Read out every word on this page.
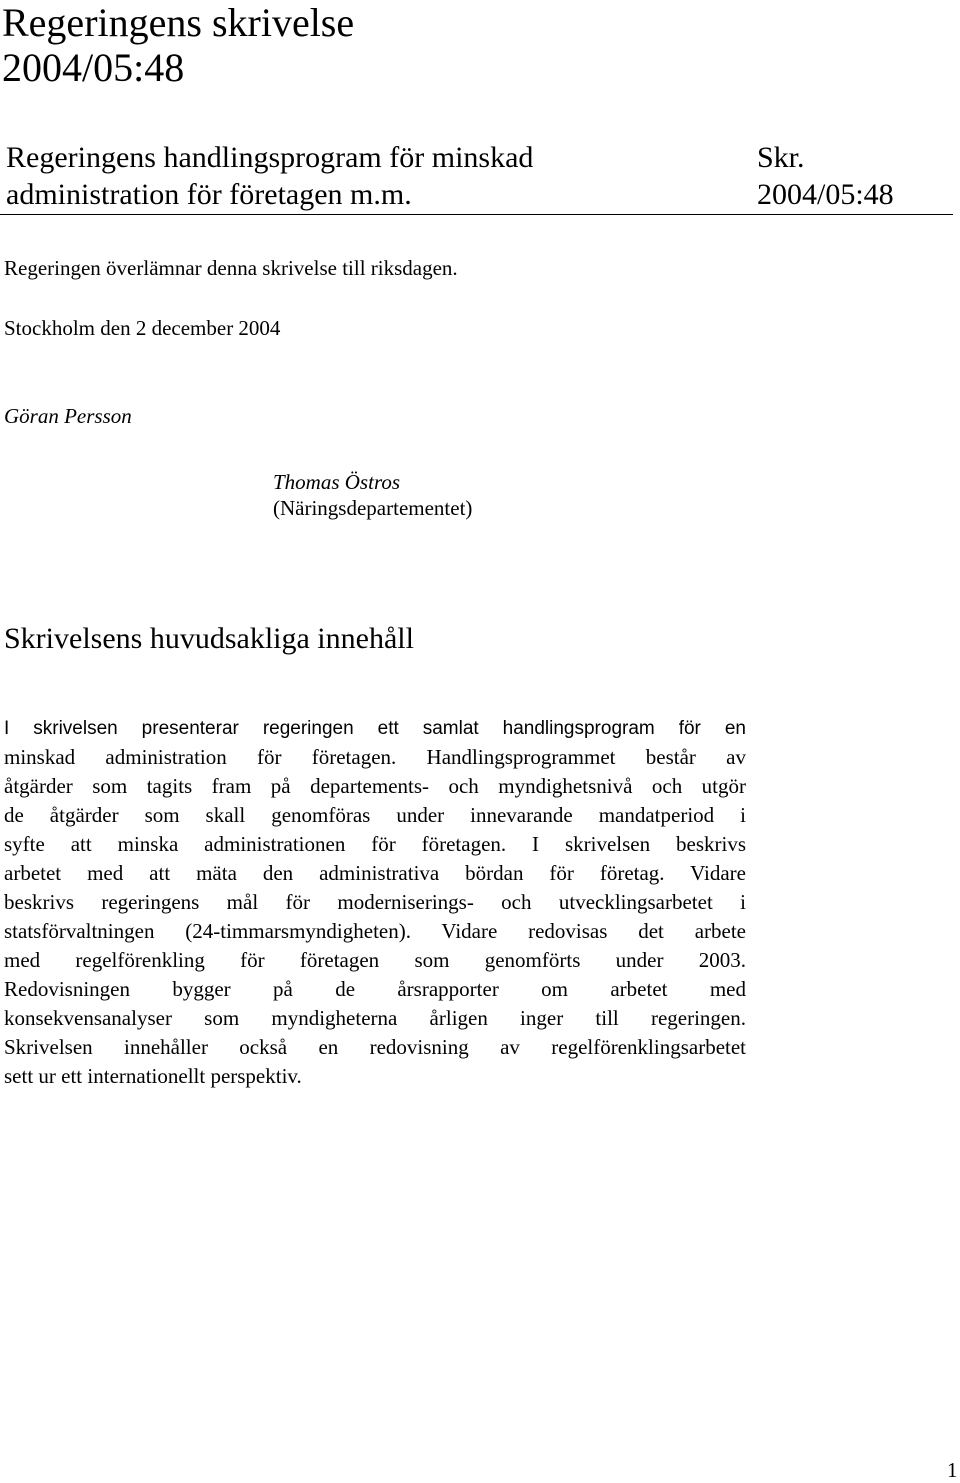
Regeringens skrivelse
2004/05:48
Regeringens handlingsprogram för minskad
administration för företagen m.m.
Skr.
2004/05:48
Regeringen överlämnar denna skrivelse till riksdagen.
Stockholm den 2 december 2004
Göran Persson
Thomas Östros
(Näringsdepartementet)
Skrivelsens huvudsakliga innehåll
I skrivelsen presenterar regeringen ett samlat handlingsprogram för en
minskad administration för företagen. Handlingsprogrammet består av
åtgärder som tagits fram på departements- och myndighetsnivå och utgör
de åtgärder som skall genomföras under innevarande mandatperiod i
syfte att minska administrationen för företagen. I skrivelsen beskrivs
arbetet med att mäta den administrativa bördan för företag. Vidare
beskrivs regeringens mål för moderniserings- och utvecklingsarbetet i
statsförvaltningen (24-timmarsmyndigheten). Vidare redovisas det arbete
med regelförenkling för företagen som genomförts under 2003.
Redovisningen bygger på de årsrapporter om arbetet med
konsekvensanalyser som myndigheterna årligen inger till regeringen.
Skrivelsen innehåller också en redovisning av regelförenklingsarbetet
sett ur ett internationellt perspektiv.
1
